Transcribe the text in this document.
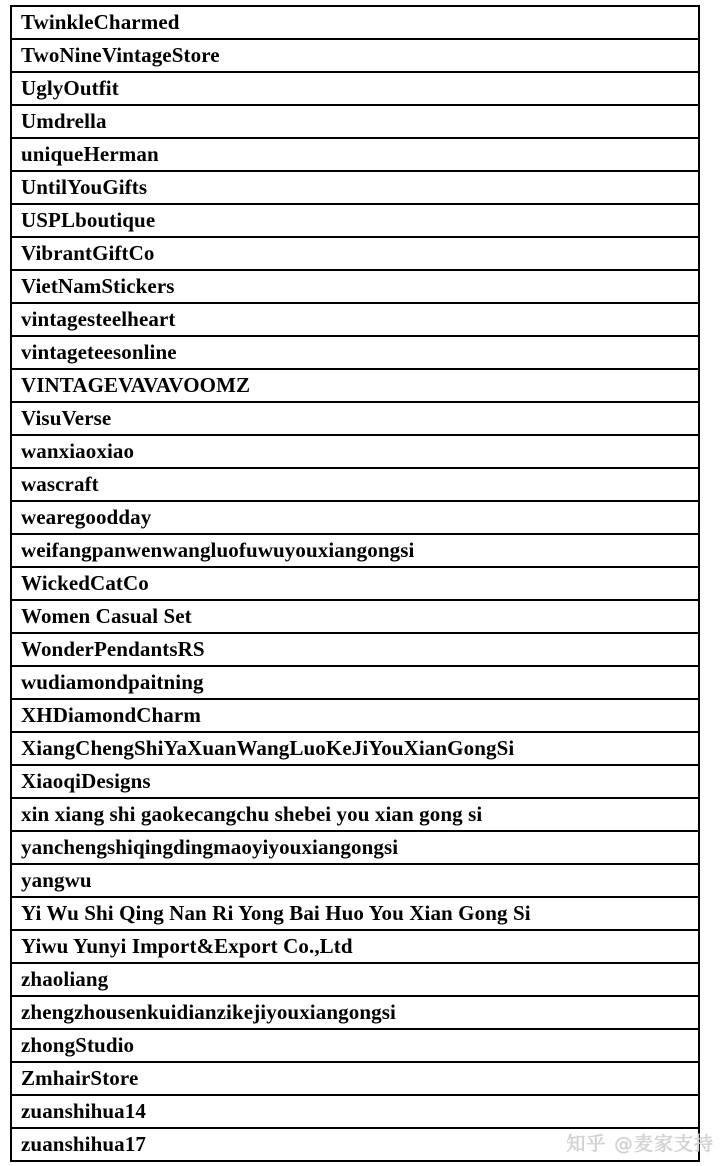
TwinkleCharmed
TwoNineVintageStore
UglyOutfit
Umdrella
uniqueHerman
UntilYouGifts
USPLboutique
VibrantGiftCo
VietNamStickers
vintagesteelheart
vintageteesonline
VINTAGEVAVAVOOMZ
VisuVerse
wanxiaoxiao
wascraft
wearegoodday
weifangpanwenwangluofuwuyouxiangongsi
WickedCatCo
Women Casual Set
WonderPendantsRS
wudiamondpaitning
XHDiamondCharm
XiangChengShiYaXuanWangLuoKeJiYouXianGongSi
XiaoqiDesigns
xin xiang shi gaokecangchu shebei you xian gong si
yanchengshiqingdingmaoyiyouxiangongsi
yangwu
Yi Wu Shi Qing Nan Ri Yong Bai Huo You Xian Gong Si
Yiwu Yunyi Import&Export Co.,Ltd
zhaoliang
zhengzhousenkuidianzikejiyouxiangongsi
zhongStudio
ZmhairStore
zuanshihua14
zuanshihua17	知乎 @麦家支持
